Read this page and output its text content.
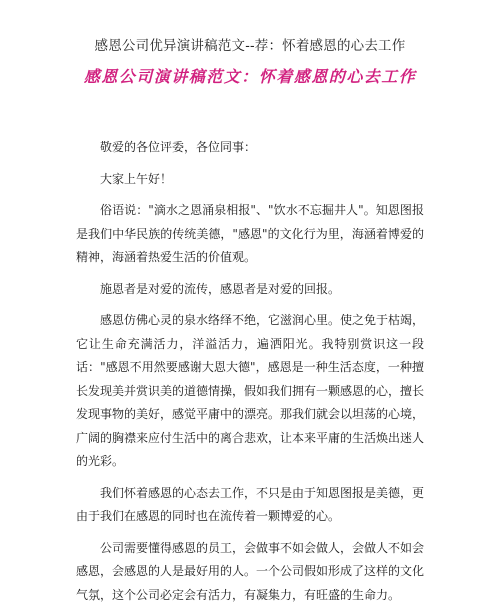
感恩公司优异演讲稿范文--荐：怀着感恩的心去工作
感恩公司演讲稿范文：怀着感恩的心去工作

敬爱的各位评委，各位同事：

大家上午好！

俗语说："滴水之恩涌泉相报"、"饮水不忘掘井人"。知恩图报是我们中华民族的传统美德，"感恩"的文化行为里，海涵着博爱的精神，海涵着热爱生活的价值观。

施恩者是对爱的流传，感恩者是对爱的回报。

感恩仿佛心灵的泉水络绎不绝，它滋润心里。使之免于枯竭，它让生命充满活力，洋溢活力，遍洒阳光。我特别赏识这一段话："感恩不用然要感谢大恩大德"，感恩是一种生活态度，一种擅长发现美并赏识美的道德情操，假如我们拥有一颗感恩的心，擅长发现事物的美好，感觉平庸中的漂亮。那我们就会以坦荡的心境，广阔的胸襟来应付生活中的离合悲欢，让本来平庸的生活焕出迷人的光彩。

我们怀着感恩的心态去工作，不只是由于知恩图报是美德，更由于我们在感恩的同时也在流传着一颗博爱的心。

公司需要懂得感恩的员工，会做事不如会做人，会做人不如会感恩，会感恩的人是最好用的人。一个公司假如形成了这样的文化气氛，这个公司必定会有活力，有凝集力，有旺盛的生命力。
